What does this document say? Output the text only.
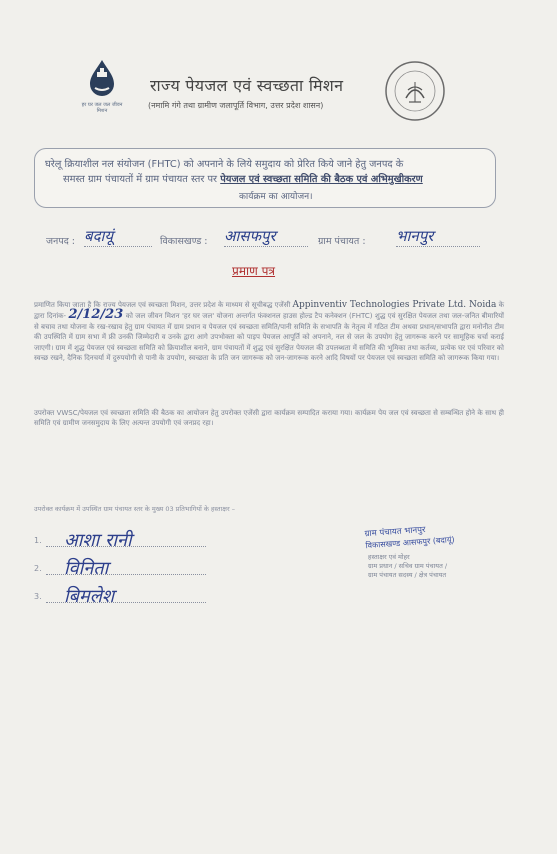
हर घर जल जल जीवन मिशन
राज्य पेयजल एवं स्वच्छता मिशन
(नमामि गंगे तथा ग्रामीण जलापूर्ति विभाग, उत्तर प्रदेश शासन)
घरेलू क्रियाशील नल संयोजन (FHTC) को अपनाने के लिये समुदाय को प्रेरित किये जाने हेतु जनपद के
समस्त ग्राम पंचायतों में ग्राम पंचायत स्तर पर पेयजल एवं स्वच्छता समिति की बैठक एवं अभिमुखीकरण
कार्यक्रम का आयोजन।
जनपद : बदायूं	विकासखण्ड : आसफपुर	ग्राम पंचायत : भानपुर
प्रमाण पत्र
प्रमाणित किया जाता है कि राज्य पेयजल एवं स्वच्छता मिशन, उत्तर प्रदेश के माध्यम से सूचीबद्ध एजेंसी Appinventiv Technologies Private Ltd. Noida के द्वारा दिनांक- 2/12/23 को जल जीवन मिशन 'हर घर जल' योजना अन्तर्गत फंक्शनल हाउस होल्ड टैप कनेक्शन (FHTC) शुद्ध एवं सुरक्षित पेयजल तथा जल-जनित बीमारियों से बचाव तथा योजना के रख-रखाव हेतु ग्राम पंचायत में ग्राम प्रधान व पेयजल एवं स्वच्छता समिति/पानी समिति के सभापति के नेतृत्व में गठित टीम अथवा प्रधान/सभापति द्वारा मनोनीत टीम की उपस्थिति में ग्राम सभा में फ्री उनकी जिम्मेदारी व उनके द्वारा आगे उपभोक्ता को पाइप पेयजल आपूर्ति को अपनाने, नल से जल के उपयोग हेतु जागरूक करने पर सामूहिक चर्चा कराई जाएगी। ग्राम में शुद्ध पेयजल एवं स्वच्छता समिति को क्रियाशील बनाने, ग्राम पंचायतों में शुद्ध एवं सुरक्षित पेयजल की उपलब्धता में समिति की भूमिका तथा कर्तव्य, प्रत्येक घर एवं परिवार को स्वच्छ रखने, दैनिक दिनचर्या में दुरुपयोगी से पानी के उपयोग, स्वच्छता के प्रति जन जागरूक को जन-जागरूक करने आदि विषयों पर पेयजल एवं स्वच्छता समिति को जागरूक किया गया।
उपरोक्त VWSC/पेयजल एवं स्वच्छता समिति की बैठक का आयोजन हेतु उपरोक्त एजेंसी द्वारा कार्यक्रम सम्पादित कराया गया। कार्यक्रम पेय जल एवं स्वच्छता से सम्बन्धित होने के साथ ही समिति एवं ग्रामीण जनसमुदाय के लिए अत्यन्त उपयोगी एवं जनप्रद रहा।
उपरोक्त कार्यक्रम में उपस्थित ग्राम पंचायत स्तर के मुख्य 03 प्रतिभागियों के हस्ताक्षर –
1. आशा रानी
2. विनिता
3. बिमलेश
ग्राम पंचायत भानपुर
विकासखण्ड आसफपुर (बदायूं)
हस्ताक्षर एवं मोहर
ग्राम प्रधान / सचिव ग्राम पंचायत /
ग्राम पंचायत सदस्य / क्षेत्र पंचायत
